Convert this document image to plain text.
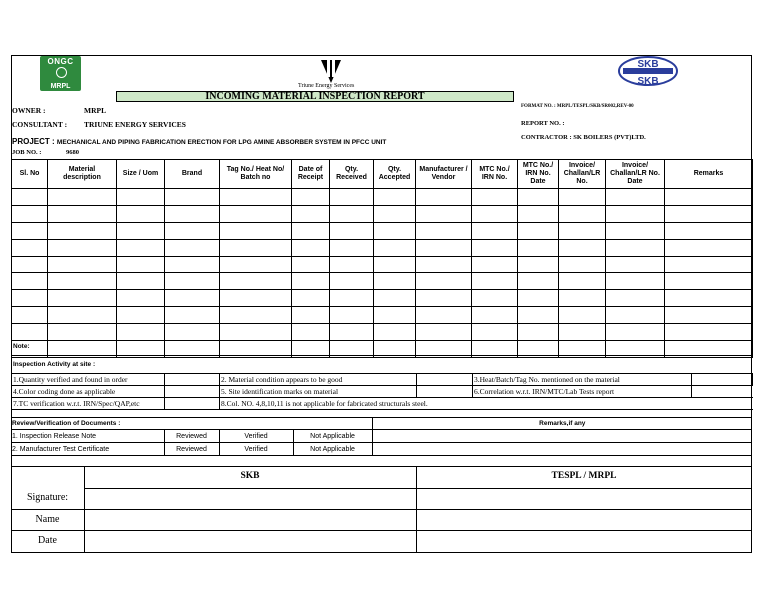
ONGC
MRPL	Triune Energy Services
SKB
SKB
INCOMING MATERIAL INSPECTION REPORT
OWNER :	MRPL
CONSULTANT : TRIUNE ENERGY SERVICES
PROJECT : MECHANICAL AND PIPING FABRICATION ERECTION FOR LPG AMINE ABSORBER SYSTEM IN PFCC UNIT
JOB NO. :	9680
FORMAT NO. : MRPL/TESPL/SKB/SR002,REV-00
REPORT NO. :
CONTRACTOR : SK BOILERS (PVT)LTD.
Sl. No	Material description	Size / Uom	Brand	Tag No./ Heat No/ Batch no	Date of Receipt	Qty. Received	Qty. Accepted	Manufacturer / Vendor	MTC No./ IRN No.	MTC No./ IRN No. Date	Invoice/ Challan/LR No.	Invoice/ Challan/LR No. Date	Remarks

Note:
Inspection Activity at site :
1.Quantity verified and found in order		2. Material condition appears to be good		3.Heat/Batch/Tag No. mentioned on the material	
4.Color coding done as applicable		5. Site identification marks on material		6.Correlation w.r.t. IRN/MTC/Lab Tests report	
7.TC verification w.r.t. IRN/Spec/QAP,etc		8.Col. NO. 4,8,10,11 is not applicable for fabricated structurals steel.			
Review/Verification of Documents :				Remarks,if any
1. Inspection Release Note	Reviewed	Verified	Not Applicable	
2. Manufacturer Test Certificate	Reviewed	Verified	Not Applicable	
SKB	TESPL / MRPL
Signature:
Name
Date
